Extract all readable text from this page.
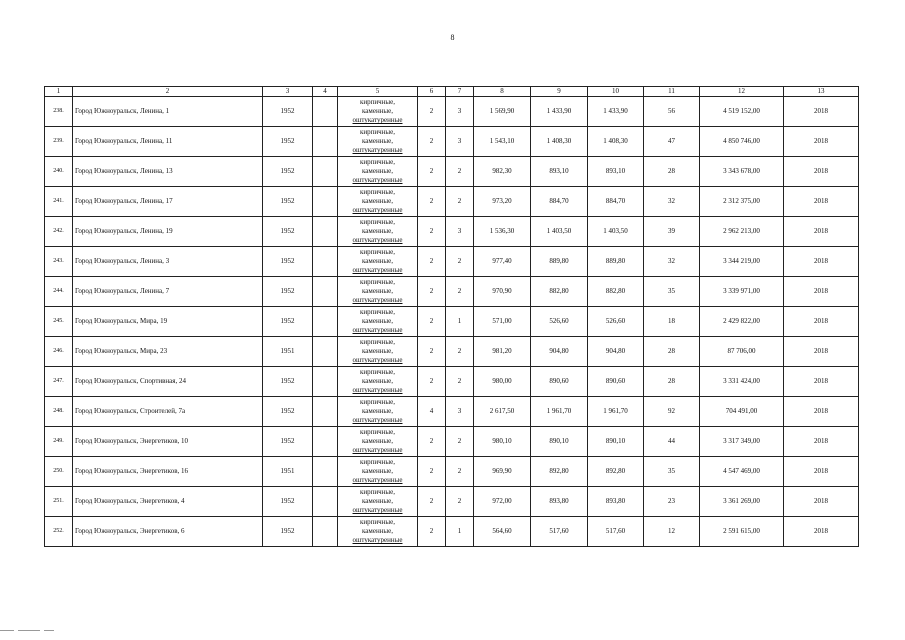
8
1	2	3	4	5	6	7	8	9	10	11	12	13
238.	Город Южноуральск, Ленина, 1	1952		кирпичные,
каменные,
оштукатуренные	2	3	1 569,90	1 433,90	1 433,90	56	4 519 152,00	2018
239.	Город Южноуральск, Ленина, 11	1952		кирпичные,
каменные,
оштукатуренные	2	3	1 543,10	1 408,30	1 408,30	47	4 850 746,00	2018
240.	Город Южноуральск, Ленина, 13	1952		кирпичные,
каменные,
оштукатуренные	2	2	982,30	893,10	893,10	28	3 343 678,00	2018
241.	Город Южноуральск, Ленина, 17	1952		кирпичные,
каменные,
оштукатуренные	2	2	973,20	884,70	884,70	32	2 312 375,00	2018
242.	Город Южноуральск, Ленина, 19	1952		кирпичные,
каменные,
оштукатуренные	2	3	1 536,30	1 403,50	1 403,50	39	2 962 213,00	2018
243.	Город Южноуральск, Ленина, 3	1952		кирпичные,
каменные,
оштукатуренные	2	2	977,40	889,80	889,80	32	3 344 219,00	2018
244.	Город Южноуральск, Ленина, 7	1952		кирпичные,
каменные,
оштукатуренные	2	2	970,90	882,80	882,80	35	3 339 971,00	2018
245.	Город Южноуральск, Мира, 19	1952		кирпичные,
каменные,
оштукатуренные	2	1	571,00	526,60	526,60	18	2 429 822,00	2018
246.	Город Южноуральск, Мира, 23	1951		кирпичные,
каменные,
оштукатуренные	2	2	981,20	904,80	904,80	28	87 706,00	2018
247.	Город Южноуральск, Спортивная, 24	1952		кирпичные,
каменные,
оштукатуренные	2	2	980,00	890,60	890,60	28	3 331 424,00	2018
248.	Город Южноуральск, Строителей, 7а	1952		кирпичные,
каменные,
оштукатуренные	4	3	2 617,50	1 961,70	1 961,70	92	704 491,00	2018
249.	Город Южноуральск, Энергетиков, 10	1952		кирпичные,
каменные,
оштукатуренные	2	2	980,10	890,10	890,10	44	3 317 349,00	2018
250.	Город Южноуральск, Энергетиков, 16	1951		кирпичные,
каменные,
оштукатуренные	2	2	969,90	892,80	892,80	35	4 547 469,00	2018
251.	Город Южноуральск, Энергетиков, 4	1952		кирпичные,
каменные,
оштукатуренные	2	2	972,00	893,80	893,80	23	3 361 269,00	2018
252.	Город Южноуральск, Энергетиков, 6	1952		кирпичные,
каменные,
оштукатуренные	2	1	564,60	517,60	517,60	12	2 591 615,00	2018
